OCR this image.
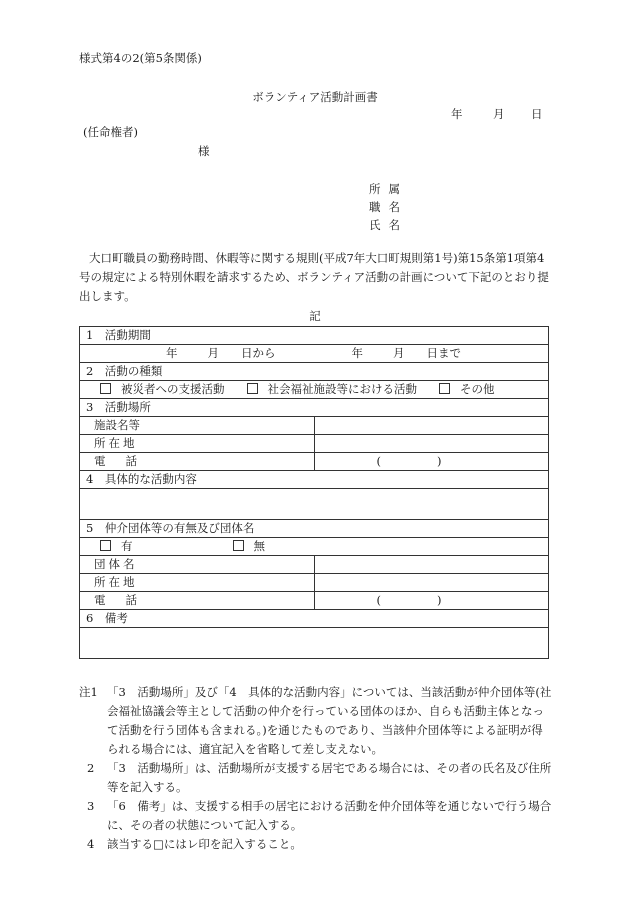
様式第4の2(第5条関係)
ボランティア活動計画書
年	月 日
(任命権者)
様
所属
職名
氏名
大口町職員の勤務時間、休暇等に関する規則(平成7年大口町規則第1号)第15条第1項第4号の規定による特別休暇を請求するため、ボランティア活動の計画について下記のとおり提出します。
記
1　活動期間	
年 月 日から 年 月 日まで	
2　活動の種類	
被災者への支援活動 社会福祉施設等における活動 その他	
3　活動場所	
施設名等	
所在地	
電話	( )
4　具体的な活動内容	

5　仲介団体等の有無及び団体名	
有 無	
団体名	
所在地	
電話	( )
6　備考	

注1 「3　活動場所」及び「4　具体的な活動内容」については、当該活動が仲介団体等(社会福祉協議会等主として活動の仲介を行っている団体のほか、自らも活動主体となって活動を行う団体も含まれる。)を通じたものであり、当該仲介団体等による証明が得られる場合には、適宜記入を省略して差し支えない。
2 「3　活動場所」は、活動場所が支援する居宅である場合には、その者の氏名及び住所等を記入する。
3 「6　備考」は、支援する相手の居宅における活動を仲介団体等を通じないで行う場合に、その者の状態について記入する。
4 該当する□にはレ印を記入すること。
